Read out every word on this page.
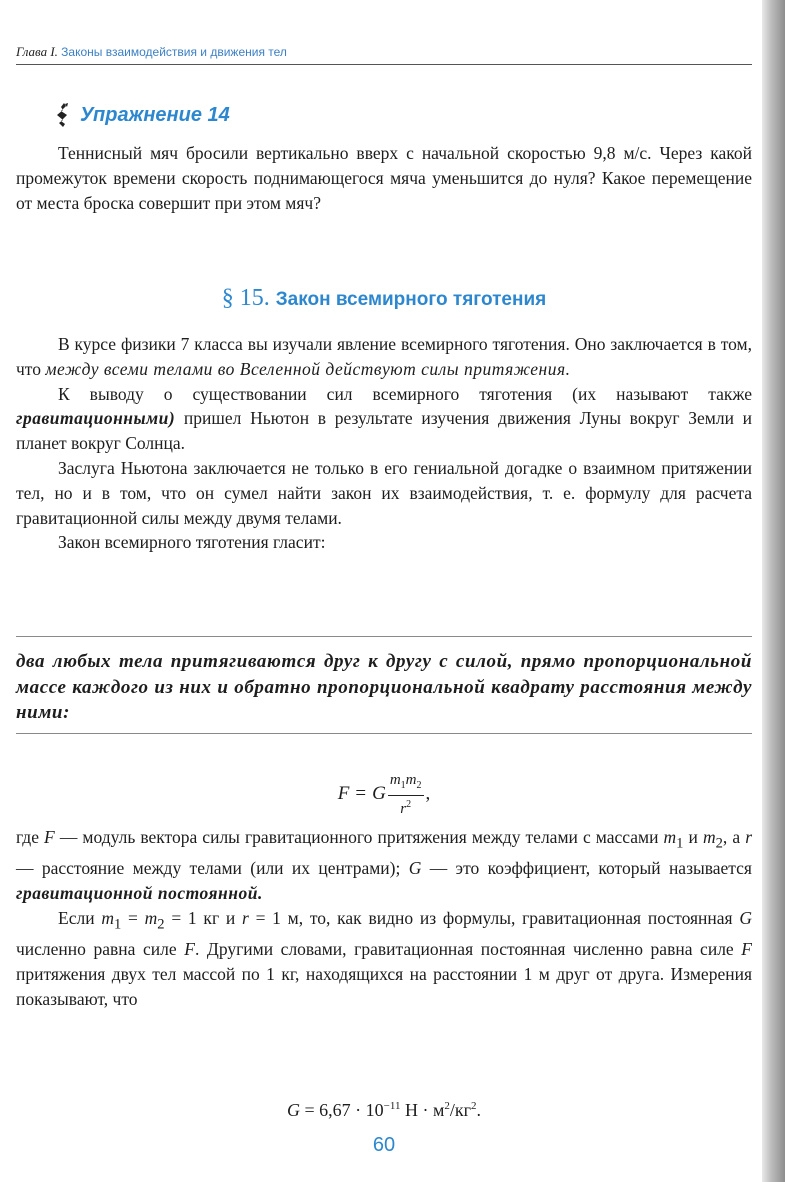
Глава I. Законы взаимодействия и движения тел
Упражнение 14

Теннисный мяч бросили вертикально вверх с начальной скоростью 9,8 м/с. Через какой промежуток времени скорость поднимающегося мяча уменьшится до нуля? Какое перемещение от места броска совершит при этом мяч?

§ 15. Закон всемирного тяготения

В курсе физики 7 класса вы изучали явление всемирного тяготения. Оно заключается в том, что между всеми телами во Вселенной действуют силы притяжения.

К выводу о существовании сил всемирного тяготения (их называют также гравитационными) пришел Ньютон в результате изучения движения Луны вокруг Земли и планет вокруг Солнца.

Заслуга Ньютона заключается не только в его гениальной догадке о взаимном притяжении тел, но и в том, что он сумел найти закон их взаимодействия, т. е. формулу для расчета гравитационной силы между двумя телами.

Закон всемирного тяготения гласит:

два любых тела притягиваются друг к другу с силой, прямо пропорциональной массе каждого из них и обратно пропорциональной квадрату расстояния между ними:
F = G $\frac{m_1m_2}{r^2}$ ,

где F — модуль вектора силы гравитационного притяжения между телами с массами $m_1$ и $m_2$, а r — расстояние между телами (или их центрами); G — это коэффициент, который называется гравитационной постоянной.

Если $m_1 = m_2 = 1$ кг и r = 1 м, то, как видно из формулы, гравитационная постоянная G численно равна силе F. Другими словами, гравитационная постоянная численно равна силе F притяжения двух тел массой по 1 кг, находящихся на расстоянии 1 м друг от друга. Измерения показывают, что

$G = 6,67 \cdot 10^{-11}$ $Н \cdot м^2/кг^2$.
60
